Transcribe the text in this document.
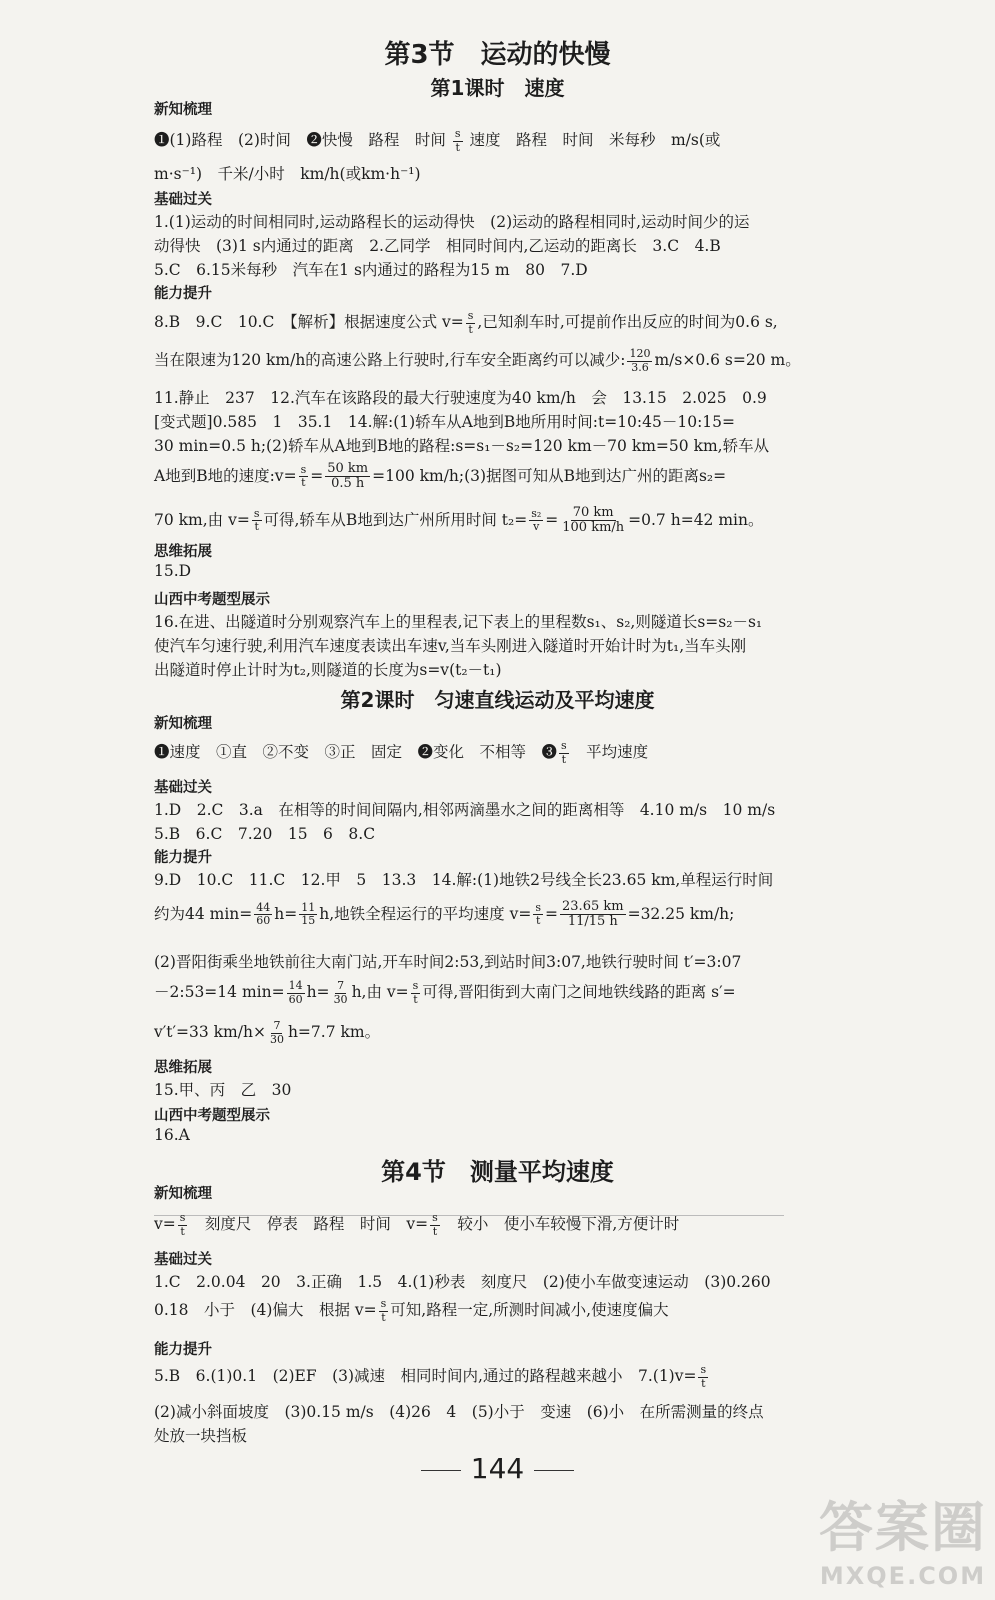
第3节　运动的快慢
第1课时　速度
新知梳理
❶(1)路程　(2)时间　❷快慢　路程　时间 $\frac{s}{t}$ 速度　路程　时间　米每秒　m/s(或
m·s⁻¹)　千米/小时　km/h(或km·h⁻¹)
基础过关
1.(1)运动的时间相同时,运动路程长的运动得快　(2)运动的路程相同时,运动时间少的运
动得快　(3)1 s内通过的距离　2.乙同学　相同时间内,乙运动的距离长　3.C　4.B
5.C　6.15米每秒　汽车在1 s内通过的路程为15 m　80　7.D
能力提升
8.B　9.C　10.C　【解析】根据速度公式 $v= \frac{s}{t}$ ,已知刹车时,可提前作出反应的时间为0.6 s,
当在限速为120 km/h的高速公路上行驶时,行车安全距离约可以减少: $\frac{120}{3.6} m/s\times 0.6$ s=20 m。
11.静止　237　12.汽车在该路段的最大行驶速度为40 km/h　会　13.15　2.025　0.9
[变式题]0.585　1　35.1　14.解:(1)轿车从A地到B地所用时间:t=10:45－10:15=
30 min=0.5 h;(2)轿车从A地到B地的路程:s=s₁－s₂=120 km－70 km=50 km,轿车从
A地到B地的速度:v= $\frac{s}{t} = \frac{50 km}{0.5 h} =100$ km/h;(3)据图可知从B地到达广州的距离s₂=
70 km,由 $v= \frac{s}{t}$ 可得,轿车从B地到达广州所用时间 $t_2= \frac{\text{s₂}}{v} = \frac{70 km}{100 km/h} =0.7$ h=42 min。
思维拓展
15.D
山西中考题型展示
16.在进、出隧道时分别观察汽车上的里程表,记下表上的里程数s₁、s₂,则隧道长s=s₂－s₁
使汽车匀速行驶,利用汽车速度表读出车速v,当车头刚进入隧道时开始计时为t₁,当车头刚
出隧道时停止计时为t₂,则隧道的长度为s=v(t₂－t₁)
第2课时　匀速直线运动及平均速度
新知梳理
❶速度　①直　②不变　③正　固定　❷变化　不相等　❸ $\frac{s}{t}$ 　平均速度
基础过关
1.D　2.C　3.a　在相等的时间间隔内,相邻两滴墨水之间的距离相等　4.10 m/s　10 m/s
5.B　6.C　7.20　15　6　8.C
能力提升
9.D　10.C　11.C　12.甲　5　13.3　14.解:(1)地铁2号线全长23.65 km,单程运行时间
约为44 $\min= \frac{44}{60} h= \frac{11}{15} h$,地铁全程运行的平均速度 $v= \frac{s}{t} = \frac{23.65 km}{11/15 h} =32.25$ km/h;
(2)晋阳街乘坐地铁前往大南门站,开车时间2:53,到站时间3:07,地铁行驶时间 t′=3:07
－2:53=14 $\min= \frac{14}{60} h= \frac{7}{30} h$,由 $v= \frac{s}{t}$ 可得,晋阳街到大南门之间地铁线路的距离 s′=
v′t′=33 $km/h\times \frac{7}{30} h=7.7$ km。
思维拓展
15.甲、丙　乙　30
山西中考题型展示
16.A
第4节　测量平均速度
新知梳理
$v= \frac{s}{t}$ 　刻度尺　停表　路程　时间　$v= \frac{s}{t}$ 　较小　使小车较慢下滑,方便计时
基础过关
1.C　2.0.04　20　3.正确　1.5　4.(1)秒表　刻度尺　(2)使小车做变速运动　(3)0.260
0.18　小于　(4)偏大　根据 $v= \frac{s}{t}$ 可知,路程一定,所测时间减小,使速度偏大
能力提升
5.B　6.(1)0.1　(2)EF　(3)减速　相同时间内,通过的路程越来越小　$7.(1)v= \frac{s}{t}$
(2)减小斜面坡度　(3)0.15 m/s　(4)26　4　(5)小于　变速　(6)小　在所需测量的终点
处放一块挡板
144
答案圈
MXQE.COM
